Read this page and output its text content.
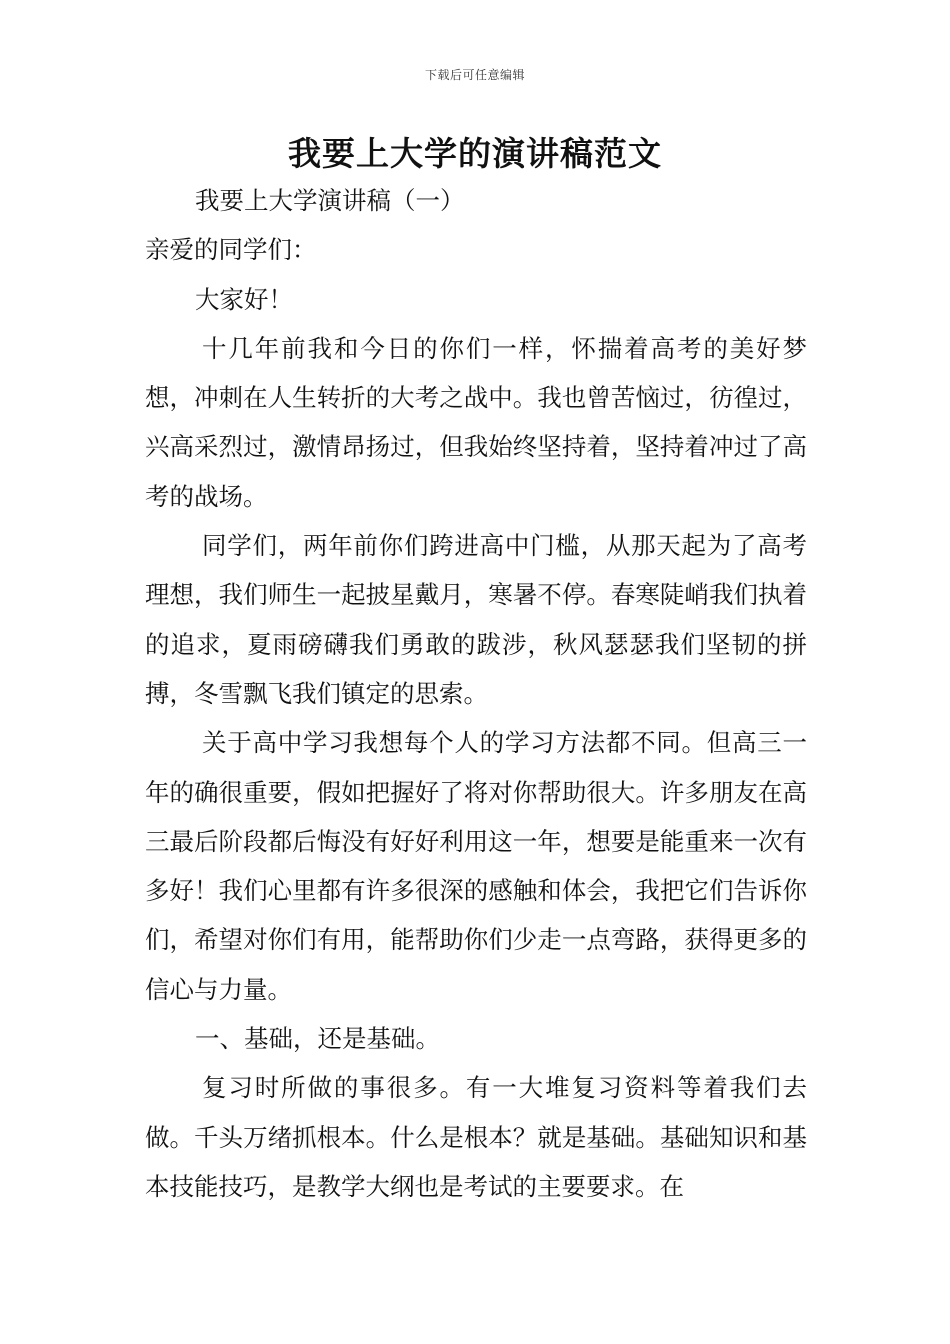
下载后可任意编辑
我要上大学的演讲稿范文

我要上大学演讲稿（一）

亲爱的同学们：

大家好！

十几年前我和今日的你们一样，怀揣着高考的美好梦想，冲刺在人生转折的大考之战中。我也曾苦恼过，彷徨过，兴高采烈过，激情昂扬过，但我始终坚持着，坚持着冲过了高考的战场。

同学们，两年前你们跨进高中门槛，从那天起为了高考理想，我们师生一起披星戴月，寒暑不停。春寒陡峭我们执着的追求，夏雨磅礴我们勇敢的跋涉，秋风瑟瑟我们坚韧的拼搏，冬雪飘飞我们镇定的思索。

关于高中学习我想每个人的学习方法都不同。但高三一年的确很重要，假如把握好了将对你帮助很大。许多朋友在高三最后阶段都后悔没有好好利用这一年，想要是能重来一次有多好！我们心里都有许多很深的感触和体会，我把它们告诉你们，希望对你们有用，能帮助你们少走一点弯路，获得更多的信心与力量。

一、基础，还是基础。

复习时所做的事很多。有一大堆复习资料等着我们去做。千头万绪抓根本。什么是根本？就是基础。基础知识和基本技能技巧，是教学大纲也是考试的主要要求。在
